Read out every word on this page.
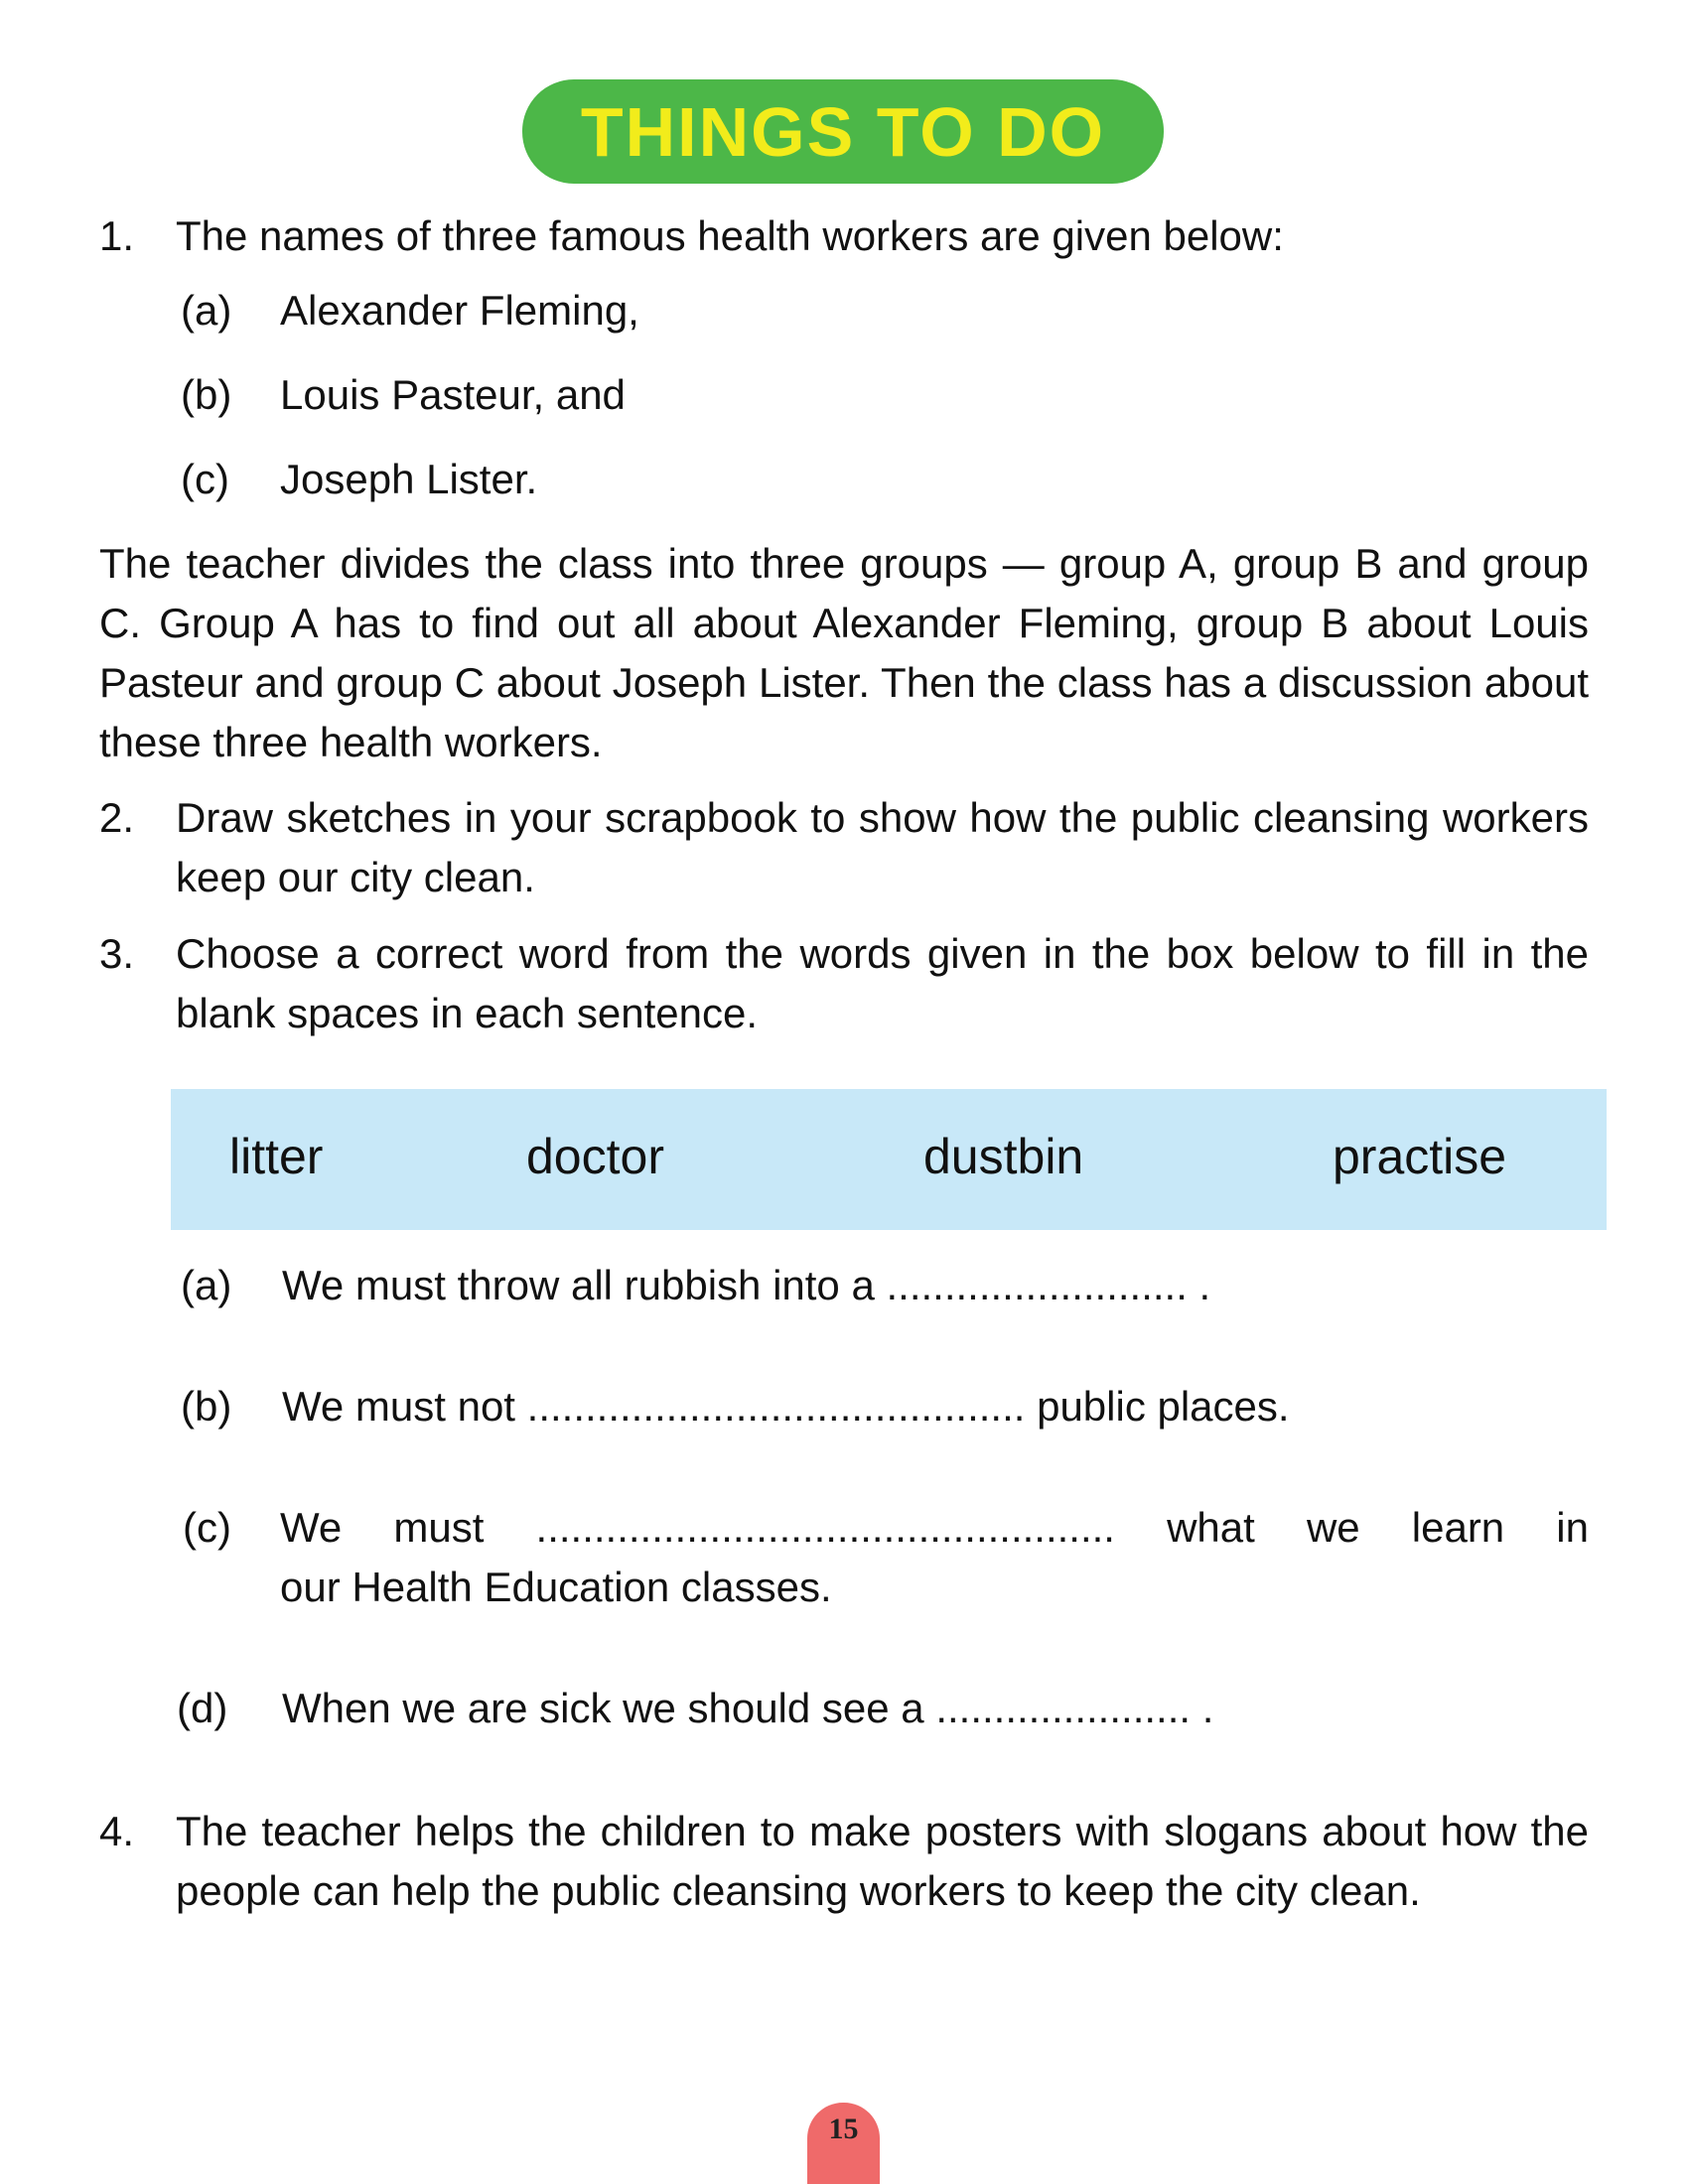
THINGS TO DO
1. The names of three famous health workers are given below:
(a) Alexander Fleming,
(b) Louis Pasteur, and
(c) Joseph Lister.
The teacher divides the class into three groups — group A, group B and group C. Group A has to find out all about Alexander Fleming, group B about Louis Pasteur and group C about Joseph Lister. Then the class has a discussion about these three health workers.
2. Draw sketches in your scrapbook to show how the public cleansing workers keep our city clean.
3. Choose a correct word from the words given in the box below to fill in the blank spaces in each sentence.
litter	doctor	dustbin	practise
(a) We must throw all rubbish into a .......................... .
(b) We must not ........................................... public places.
(c) We must .................................................. what we learn in
our Health Education classes.
(d) When we are sick we should see a ...................... .
4. The teacher helps the children to make posters with slogans about how the people can help the public cleansing workers to keep the city clean.
15
